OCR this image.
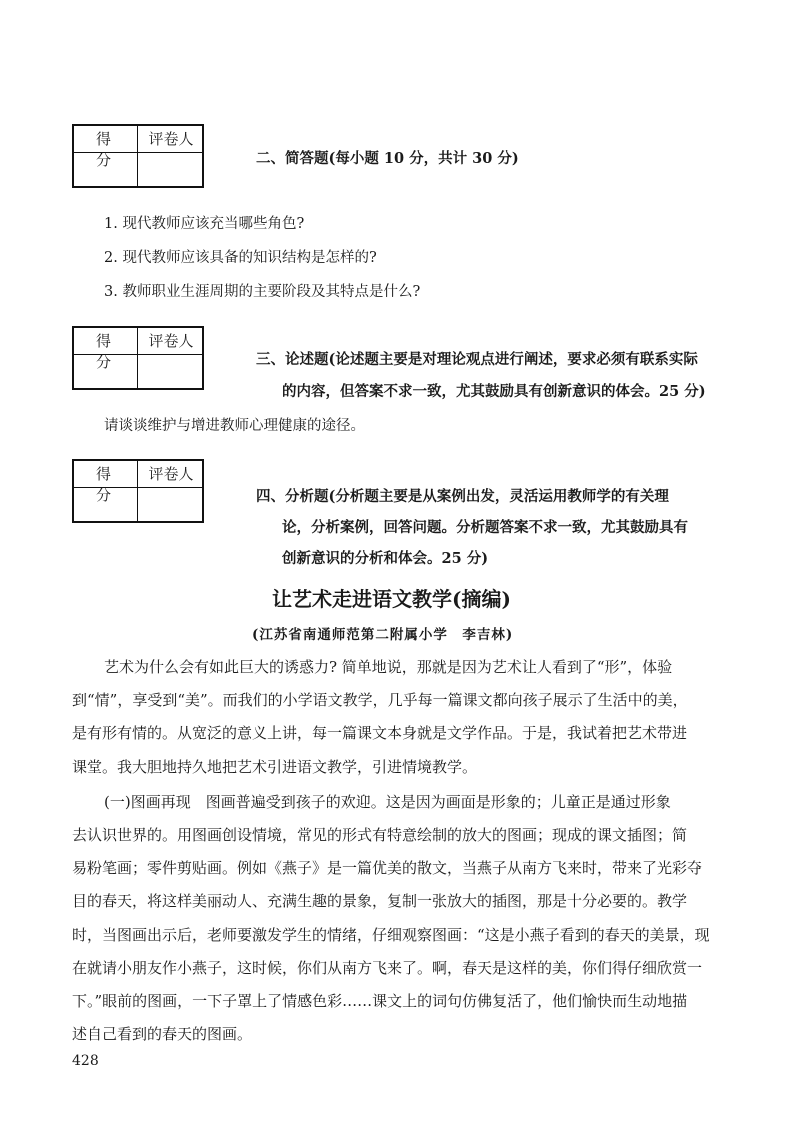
得 分
评卷人
二、简答题(每小题 10 分，共计 30 分)
1. 现代教师应该充当哪些角色?
2. 现代教师应该具备的知识结构是怎样的?
3. 教师职业生涯周期的主要阶段及其特点是什么?
得 分
评卷人
三、论述题(论述题主要是对理论观点进行阐述，要求必须有联系实际
的内容，但答案不求一致，尤其鼓励具有创新意识的体会。25 分)
请谈谈维护与增进教师心理健康的途径。
得 分
评卷人
四、分析题(分析题主要是从案例出发，灵活运用教师学的有关理
论，分析案例，回答问题。分析题答案不求一致，尤其鼓励具有
创新意识的分析和体会。25 分)
让艺术走进语文教学(摘编)
(江苏省南通师范第二附属小学　李吉林)
艺术为什么会有如此巨大的诱惑力? 简单地说，那就是因为艺术让人看到了“形”，体验
到“情”，享受到“美”。而我们的小学语文教学，几乎每一篇课文都向孩子展示了生活中的美，
是有形有情的。从宽泛的意义上讲，每一篇课文本身就是文学作品。于是，我试着把艺术带进
课堂。我大胆地持久地把艺术引进语文教学，引进情境教学。
(一)图画再现　图画普遍受到孩子的欢迎。这是因为画面是形象的；儿童正是通过形象
去认识世界的。用图画创设情境，常见的形式有特意绘制的放大的图画；现成的课文插图；简
易粉笔画；零件剪贴画。例如《燕子》是一篇优美的散文，当燕子从南方飞来时，带来了光彩夺
目的春天，将这样美丽动人、充满生趣的景象，复制一张放大的插图，那是十分必要的。教学
时，当图画出示后，老师要激发学生的情绪，仔细观察图画：“这是小燕子看到的春天的美景，现
在就请小朋友作小燕子，这时候，你们从南方飞来了。啊，春天是这样的美，你们得仔细欣赏一
下。”眼前的图画，一下子罩上了情感色彩……课文上的词句仿佛复活了，他们愉快而生动地描
述自己看到的春天的图画。
428
